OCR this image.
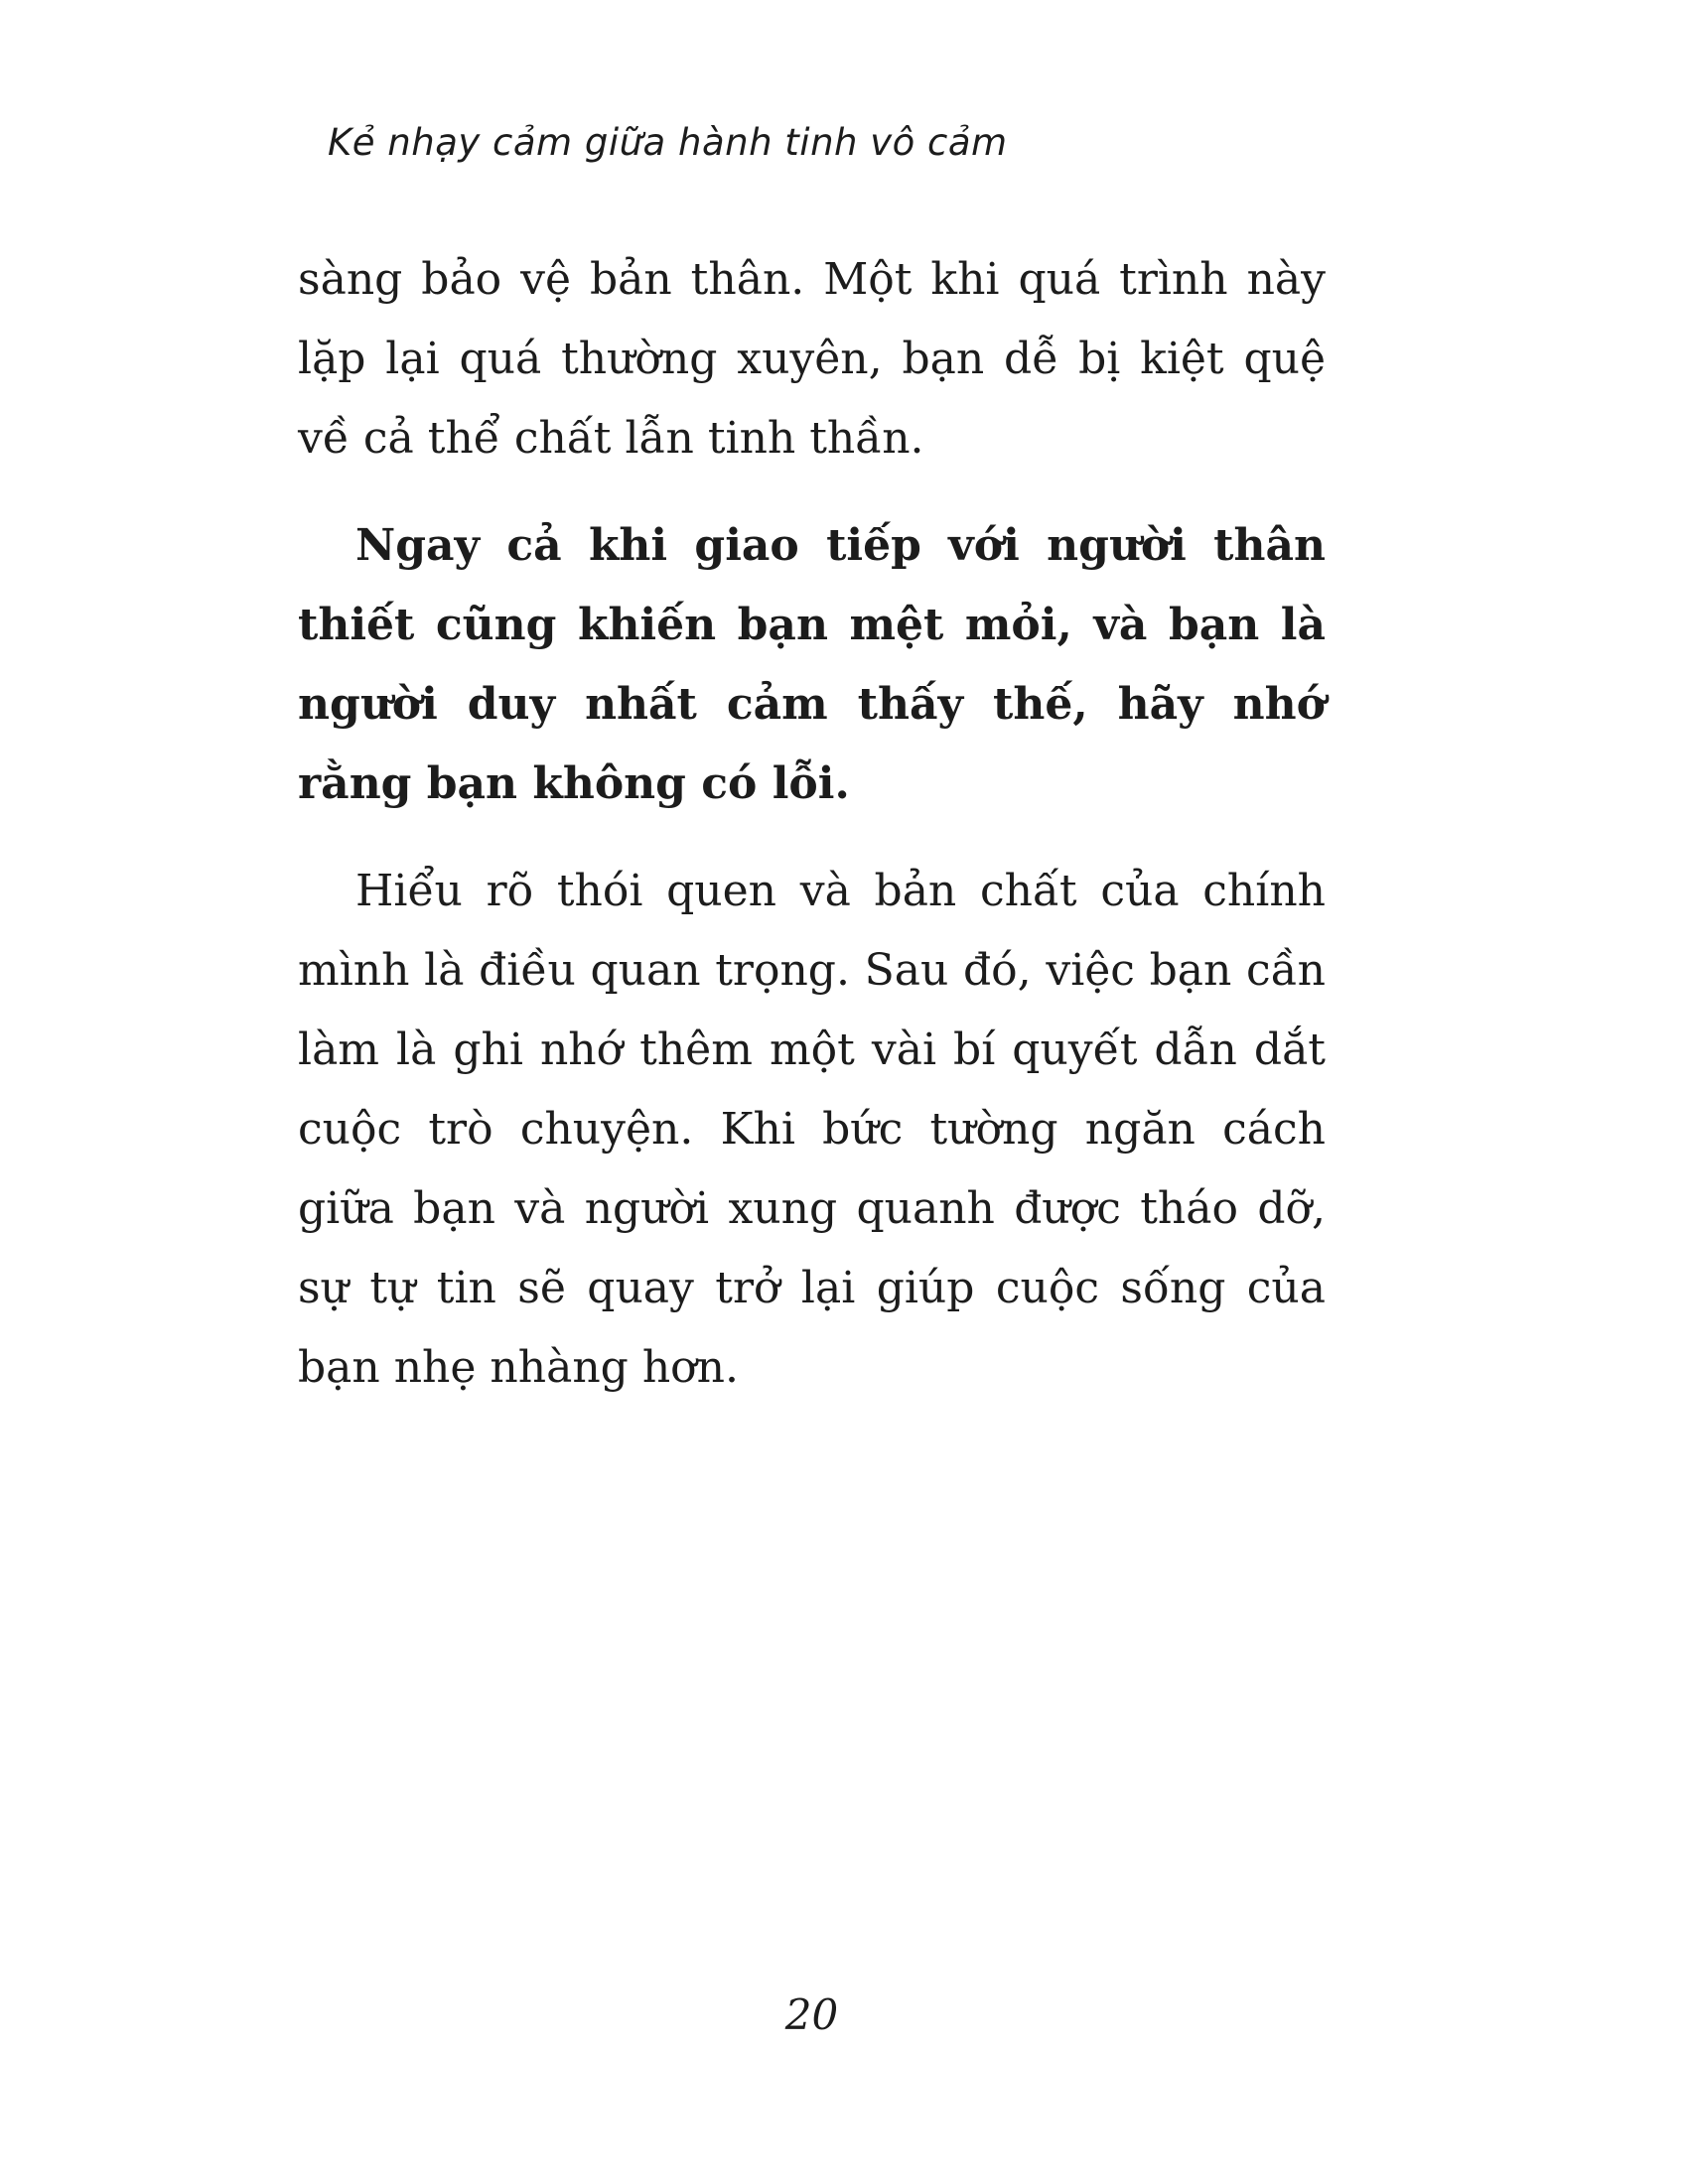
Kẻ nhạy cảm giữa hành tinh vô cảm

sàng bảo vệ bản thân. Một khi quá trình này lặp lại quá thường xuyên, bạn dễ bị kiệt quệ về cả thể chất lẫn tinh thần.

Ngay cả khi giao tiếp với người thân thiết cũng khiến bạn mệt mỏi, và bạn là người duy nhất cảm thấy thế, hãy nhớ rằng bạn không có lỗi.

Hiểu rõ thói quen và bản chất của chính mình là điều quan trọng. Sau đó, việc bạn cần làm là ghi nhớ thêm một vài bí quyết dẫn dắt cuộc trò chuyện. Khi bức tường ngăn cách giữa bạn và người xung quanh được tháo dỡ, sự tự tin sẽ quay trở lại giúp cuộc sống của bạn nhẹ nhàng hơn.

20
